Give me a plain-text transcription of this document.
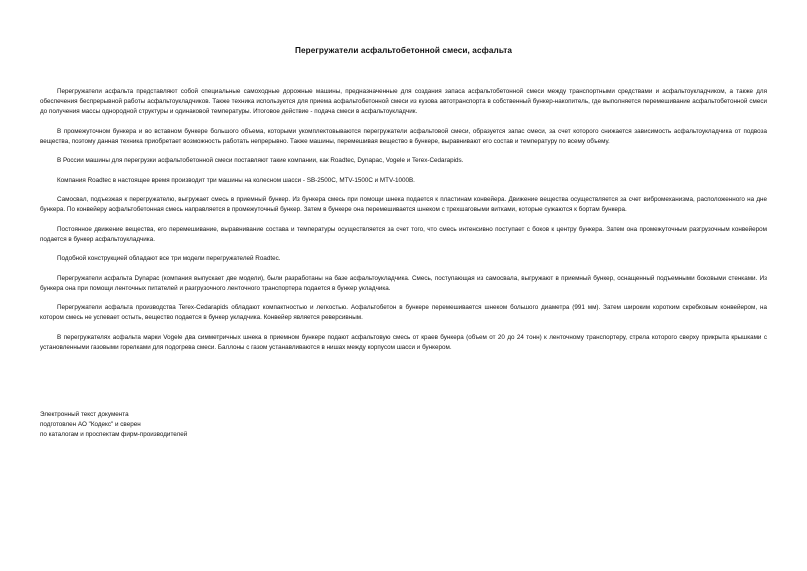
Перегружатели асфальтобетонной смеси, асфальта

Перегружатели асфальта представляют собой специальные самоходные дорожные машины, предназначенные для создания запаса асфальтобетонной смеси между транспортными средствами и асфальтоукладчиком, а также для обеспечения беспрерывной работы асфальтоукладчиков. Также техника используется для приема асфальтобетонной смеси из кузова автотранспорта в собственный бункер-накопитель, где выполняется перемешивание асфальтобетонной смеси до получения массы однородной структуры и одинаковой температуры. Итоговое действие - подача смеси в асфальтоукладчик.

В промежуточном бункера и во вставном бункере большого объема, которыми укомплектовываются перегружатели асфальтовой смеси, образуется запас смеси, за счет которого снижается зависимость асфальтоукладчика от подвоза вещества, поэтому данная техника приобретает возможность работать непрерывно. Также машины, перемешивая вещество в бункере, выравнивают его состав и температуру по всему объему.

В России машины для перегрузки асфальтобетонной смеси поставляют такие компании, как Roadtec, Dynapac, Vogele и Terex-Cedarapids.

Компания Roadtec в настоящее время производит три машины на колесном шасси - SB-2500C, MTV-1500C и MTV-1000B.

Самосвал, подъезжая к перегружателю, выгружает смесь в приемный бункер. Из бункера смесь при помощи шнека подается к пластинам конвейера. Движение вещества осуществляется за счет вибромеханизма, расположенного на дне бункера. По конвейеру асфальтобетонная смесь направляется в промежуточный бункер. Затем в бункере она перемешивается шнеком с трехшаговыми витками, которые сужаются к бортам бункера.

Постоянное движение вещества, его перемешивание, выравнивание состава и температуры осуществляется за счет того, что смесь интенсивно поступает с боков к центру бункера. Затем она промежуточным разгрузочным конвейером подается в бункер асфальтоукладчика.

Подобной конструкцией обладают все три модели перегружателей Roadtec.

Перегружатели асфальта Dynapac (компания выпускает две модели), были разработаны на базе асфальтоукладчика. Смесь, поступающая из самосвала, выгружают в приемный бункер, оснащенный подъемными боковыми стенками. Из бункера она при помощи ленточных питателей и разгрузочного ленточного транспортера подается в бункер укладчика.

Перегружатели асфальта производства Terex-Cedarapids обладают компактностью и легкостью. Асфальтобетон в бункере перемешивается шнеком большого диаметра (991 мм). Затем широким коротким скребковым конвейером, на котором смесь не успевает остыть, вещество подается в бункер укладчика. Конвейер является реверсивным.

В перегружателях асфальта марки Vogele два симметричных шнека в приемном бункере подают асфальтовую смесь от краев бункера (объем от 20 до 24 тонн) к ленточному транспортеру, стрела которого сверху прикрыта крышками с установленными газовыми горелками для подогрева смеси. Баллоны с газом устанавливаются в нишах между корпусом шасси и бункером.

Электронный текст документа
подготовлен АО "Кодекс" и сверен
по каталогам и проспектам фирм-производителей
